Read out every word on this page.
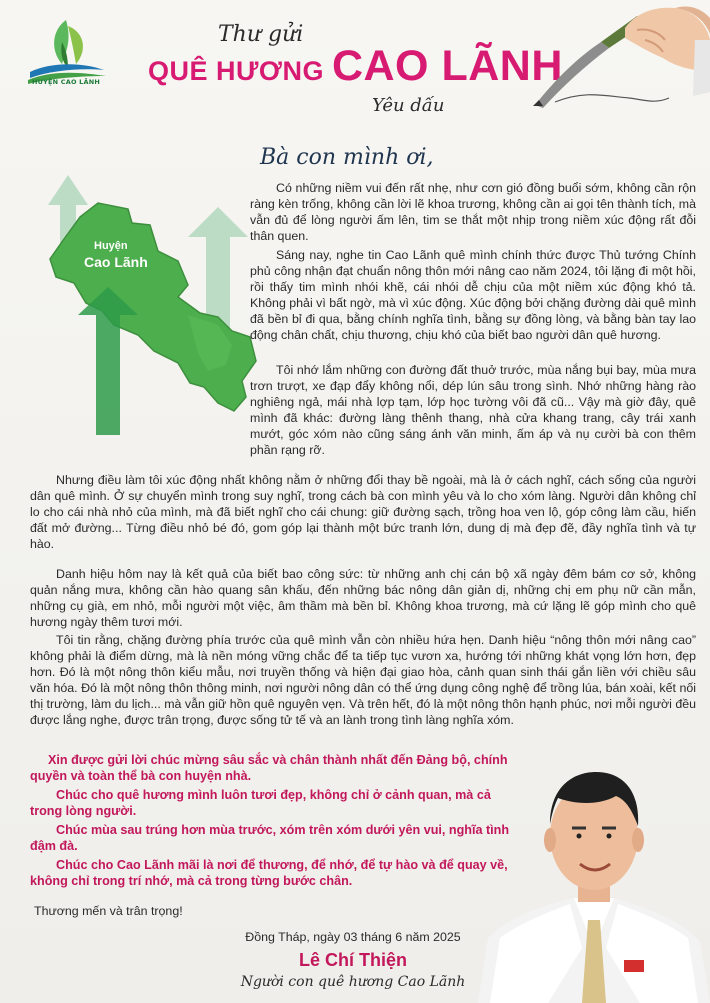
HUYỆN CAO LÃNH
Thư gửi
QUÊ HƯƠNG CAO LÃNH
Yêu dấu
Huyện
Cao Lãnh
Bà con mình ơi,

Có những niềm vui đến rất nhẹ, như cơn gió đồng buổi sớm, không cần rộn ràng kèn trống, không cần lời lẽ khoa trương, không cần ai gọi tên thành tích, mà vẫn đủ để lòng người ấm lên, tim se thắt một nhịp trong niềm xúc động rất đỗi thân quen.

Sáng nay, nghe tin Cao Lãnh quê mình chính thức được Thủ tướng Chính phủ công nhận đạt chuẩn nông thôn mới nâng cao năm 2024, tôi lặng đi một hồi, rồi thấy tim mình nhói khẽ, cái nhói dễ chịu của một niềm xúc động khó tả. Không phải vì bất ngờ, mà vì xúc động. Xúc động bởi chặng đường dài quê mình đã bền bỉ đi qua, bằng chính nghĩa tình, bằng sự đồng lòng, và bằng bàn tay lao động chân chất, chịu thương, chịu khó của biết bao người dân quê hương.

Tôi nhớ lắm những con đường đất thuở trước, mùa nắng bụi bay, mùa mưa trơn trượt, xe đạp đẩy không nổi, dép lún sâu trong sình. Nhớ những hàng rào nghiêng ngả, mái nhà lợp tạm, lớp học tường vôi đã cũ... Vậy mà giờ đây, quê mình đã khác: đường làng thênh thang, nhà cửa khang trang, cây trái xanh mướt, góc xóm nào cũng sáng ánh văn minh, ấm áp và nụ cười bà con thêm phần rạng rỡ.

Nhưng điều làm tôi xúc động nhất không nằm ở những đổi thay bề ngoài, mà là ở cách nghĩ, cách sống của người dân quê mình. Ở sự chuyển mình trong suy nghĩ, trong cách bà con mình yêu và lo cho xóm làng. Người dân không chỉ lo cho cái nhà nhỏ của mình, mà đã biết nghĩ cho cái chung: giữ đường sạch, trồng hoa ven lộ, góp công làm cầu, hiến đất mở đường... Từng điều nhỏ bé đó, gom góp lại thành một bức tranh lớn, dung dị mà đẹp đẽ, đầy nghĩa tình và tự hào.

Danh hiệu hôm nay là kết quả của biết bao công sức: từ những anh chị cán bộ xã ngày đêm bám cơ sở, không quản nắng mưa, không cần hào quang sân khấu, đến những bác nông dân giản dị, những chị em phụ nữ cần mẫn, những cụ già, em nhỏ, mỗi người một việc, âm thầm mà bền bỉ. Không khoa trương, mà cứ lặng lẽ góp mình cho quê hương ngày thêm tươi mới.

Tôi tin rằng, chặng đường phía trước của quê mình vẫn còn nhiều hứa hẹn. Danh hiệu “nông thôn mới nâng cao” không phải là điểm dừng, mà là nền móng vững chắc để ta tiếp tục vươn xa, hướng tới những khát vọng lớn hơn, đẹp hơn. Đó là một nông thôn kiểu mẫu, nơi truyền thống và hiện đại giao hòa, cảnh quan sinh thái gắn liền với chiều sâu văn hóa. Đó là một nông thôn thông minh, nơi người nông dân có thể ứng dụng công nghệ để trồng lúa, bán xoài, kết nối thị trường, làm du lịch... mà vẫn giữ hồn quê nguyên vẹn. Và trên hết, đó là một nông thôn hạnh phúc, nơi mỗi người đều được lắng nghe, được trân trọng, được sống tử tế và an lành trong tình làng nghĩa xóm.

Xin được gửi lời chúc mừng sâu sắc và chân thành nhất đến Đảng bộ, chính quyền và toàn thể bà con huyện nhà.

Chúc cho quê hương mình luôn tươi đẹp, không chỉ ở cảnh quan, mà cả trong lòng người.

Chúc mùa sau trúng hơn mùa trước, xóm trên xóm dưới yên vui, nghĩa tình đậm đà.

Chúc cho Cao Lãnh mãi là nơi để thương, để nhớ, để tự hào và để quay về, không chỉ trong trí nhớ, mà cả trong từng bước chân.

Thương mến và trân trọng!
Đồng Tháp, ngày 03 tháng 6 năm 2025
Lê Chí Thiện
Người con quê hương Cao Lãnh
